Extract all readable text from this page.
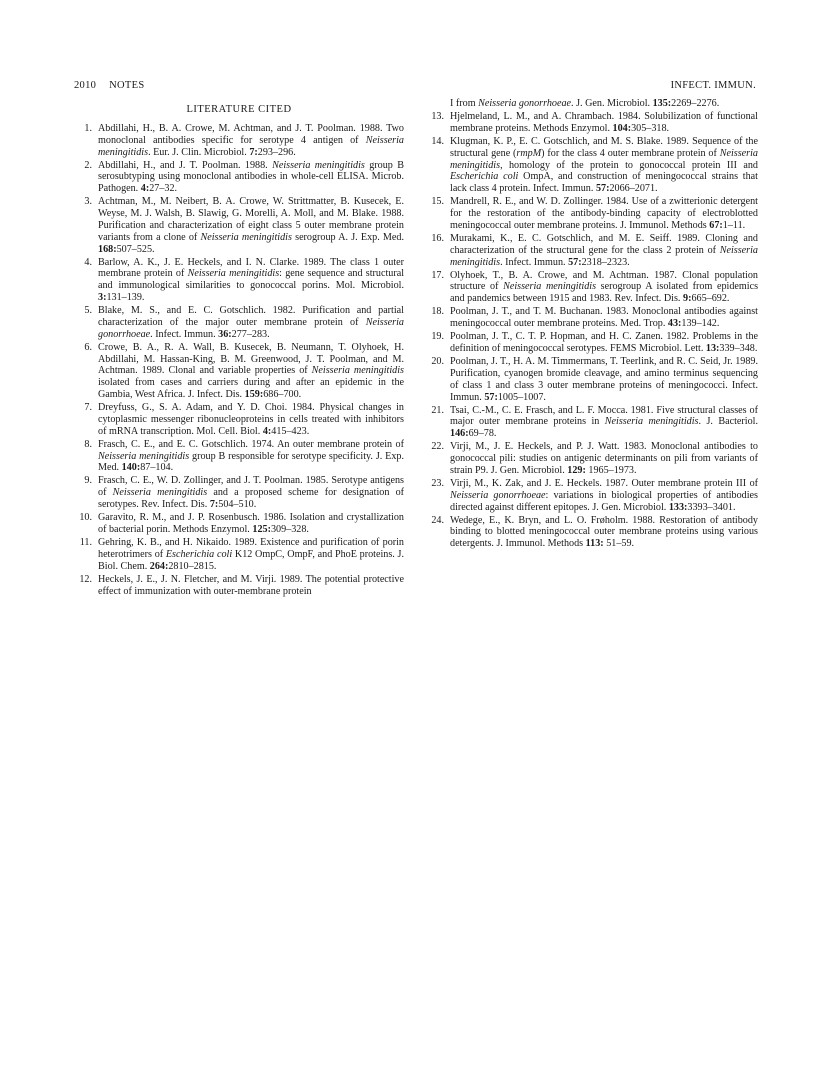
2010 NOTES	INFECT. IMMUN.
LITERATURE CITED
1. Abdillahi, H., B. A. Crowe, M. Achtman, and J. T. Poolman. 1988. Two monoclonal antibodies specific for serotype 4 antigen of Neisseria meningitidis. Eur. J. Clin. Microbiol. 7:293–296.
2. Abdillahi, H., and J. T. Poolman. 1988. Neisseria meningitidis group B serosubtyping using monoclonal antibodies in whole-cell ELISA. Microb. Pathogen. 4:27–32.
3. Achtman, M., M. Neibert, B. A. Crowe, W. Strittmatter, B. Kusecek, E. Weyse, M. J. Walsh, B. Slawig, G. Morelli, A. Moll, and M. Blake. 1988. Purification and characterization of eight class 5 outer membrane protein variants from a clone of Neisseria meningitidis serogroup A. J. Exp. Med. 168:507–525.
4. Barlow, A. K., J. E. Heckels, and I. N. Clarke. 1989. The class 1 outer membrane protein of Neisseria meningitidis: gene sequence and structural and immunological similarities to gonococcal porins. Mol. Microbiol. 3:131–139.
5. Blake, M. S., and E. C. Gotschlich. 1982. Purification and partial characterization of the major outer membrane protein of Neisseria gonorrhoeae. Infect. Immun. 36:277–283.
6. Crowe, B. A., R. A. Wall, B. Kusecek, B. Neumann, T. Olyhoek, H. Abdillahi, M. Hassan-King, B. M. Greenwood, J. T. Poolman, and M. Achtman. 1989. Clonal and variable properties of Neisseria meningitidis isolated from cases and carriers during and after an epidemic in the Gambia, West Africa. J. Infect. Dis. 159:686–700.
7. Dreyfuss, G., S. A. Adam, and Y. D. Choi. 1984. Physical changes in cytoplasmic messenger ribonucleoproteins in cells treated with inhibitors of mRNA transcription. Mol. Cell. Biol. 4:415–423.
8. Frasch, C. E., and E. C. Gotschlich. 1974. An outer membrane protein of Neisseria meningitidis group B responsible for serotype specificity. J. Exp. Med. 140:87–104.
9. Frasch, C. E., W. D. Zollinger, and J. T. Poolman. 1985. Serotype antigens of Neisseria meningitidis and a proposed scheme for designation of serotypes. Rev. Infect. Dis. 7:504–510.
10. Garavito, R. M., and J. P. Rosenbusch. 1986. Isolation and crystallization of bacterial porin. Methods Enzymol. 125:309–328.
11. Gehring, K. B., and H. Nikaido. 1989. Existence and purification of porin heterotrimers of Escherichia coli K12 OmpC, OmpF, and PhoE proteins. J. Biol. Chem. 264:2810–2815.
12. Heckels, J. E., J. N. Fletcher, and M. Virji. 1989. The potential protective effect of immunization with outer-membrane protein
I from Neisseria gonorrhoeae. J. Gen. Microbiol. 135:2269–2276.
13. Hjelmeland, L. M., and A. Chrambach. 1984. Solubilization of functional membrane proteins. Methods Enzymol. 104:305–318.
14. Klugman, K. P., E. C. Gotschlich, and M. S. Blake. 1989. Sequence of the structural gene (rmpM) for the class 4 outer membrane protein of Neisseria meningitidis, homology of the protein to gonococcal protein III and Escherichia coli OmpA, and construction of meningococcal strains that lack class 4 protein. Infect. Immun. 57:2066–2071.
15. Mandrell, R. E., and W. D. Zollinger. 1984. Use of a zwitterionic detergent for the restoration of the antibody-binding capacity of electroblotted meningococcal outer membrane proteins. J. Immunol. Methods 67:1–11.
16. Murakami, K., E. C. Gotschlich, and M. E. Seiff. 1989. Cloning and characterization of the structural gene for the class 2 protein of Neisseria meningitidis. Infect. Immun. 57:2318–2323.
17. Olyhoek, T., B. A. Crowe, and M. Achtman. 1987. Clonal population structure of Neisseria meningitidis serogroup A isolated from epidemics and pandemics between 1915 and 1983. Rev. Infect. Dis. 9:665–692.
18. Poolman, J. T., and T. M. Buchanan. 1983. Monoclonal antibodies against meningococcal outer membrane proteins. Med. Trop. 43:139–142.
19. Poolman, J. T., C. T. P. Hopman, and H. C. Zanen. 1982. Problems in the definition of meningococcal serotypes. FEMS Microbiol. Lett. 13:339–348.
20. Poolman, J. T., H. A. M. Timmermans, T. Teerlink, and R. C. Seid, Jr. 1989. Purification, cyanogen bromide cleavage, and amino terminus sequencing of class 1 and class 3 outer membrane proteins of meningococci. Infect. Immun. 57:1005–1007.
21. Tsai, C.-M., C. E. Frasch, and L. F. Mocca. 1981. Five structural classes of major outer membrane proteins in Neisseria meningitidis. J. Bacteriol. 146:69–78.
22. Virji, M., J. E. Heckels, and P. J. Watt. 1983. Monoclonal antibodies to gonococcal pili: studies on antigenic determinants on pili from variants of strain P9. J. Gen. Microbiol. 129: 1965–1973.
23. Virji, M., K. Zak, and J. E. Heckels. 1987. Outer membrane protein III of Neisseria gonorrhoeae: variations in biological properties of antibodies directed against different epitopes. J. Gen. Microbiol. 133:3393–3401.
24. Wedege, E., K. Bryn, and L. O. Frøholm. 1988. Restoration of antibody binding to blotted meningococcal outer membrane proteins using various detergents. J. Immunol. Methods 113: 51–59.
